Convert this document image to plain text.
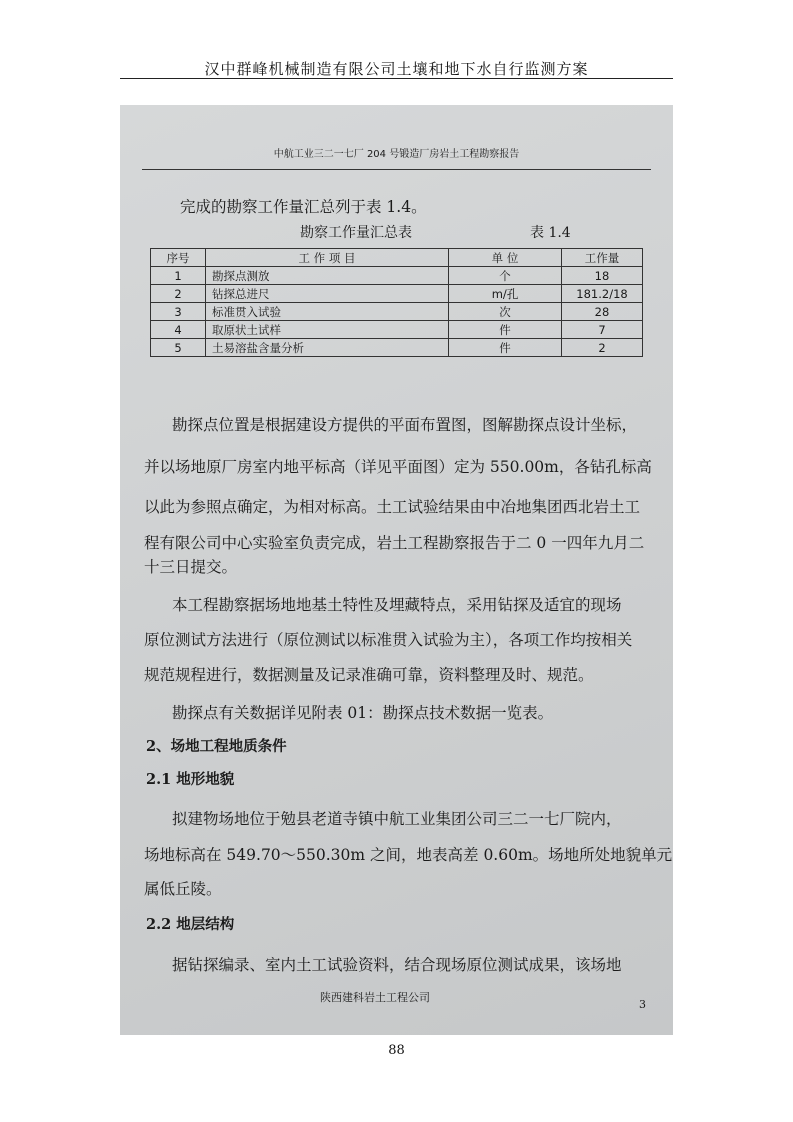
汉中群峰机械制造有限公司土壤和地下水自行监测方案
中航工业三二一七厂 204 号锻造厂房岩土工程勘察报告
完成的勘察工作量汇总列于表 1.4。
勘察工作量汇总表	表 1.4
序号	工 作 项 目	单 位	工作量
1	勘探点测放	个	18
2	钻探总进尺	m/孔	181.2/18
3	标准贯入试验	次	28
4	取原状土试样	件	7
5	土易溶盐含量分析	件	2
勘探点位置是根据建设方提供的平面布置图，图解勘探点设计坐标，
并以场地原厂房室内地平标高（详见平面图）定为 550.00m，各钻孔标高
以此为参照点确定，为相对标高。土工试验结果由中冶地集团西北岩土工
程有限公司中心实验室负责完成，岩土工程勘察报告于二 0 一四年九月二
十三日提交。
本工程勘察据场地地基土特性及埋藏特点，采用钻探及适宜的现场
原位测试方法进行（原位测试以标准贯入试验为主），各项工作均按相关
规范规程进行，数据测量及记录准确可靠，资料整理及时、规范。
勘探点有关数据详见附表 01：勘探点技术数据一览表。
2、场地工程地质条件
2.1 地形地貌
拟建物场地位于勉县老道寺镇中航工业集团公司三二一七厂院内，
场地标高在 549.70～550.30m 之间，地表高差 0.60m。场地所处地貌单元
属低丘陵。
2.2 地层结构
据钻探编录、室内土工试验资料，结合现场原位测试成果，该场地
陕西建科岩土工程公司
3
88
